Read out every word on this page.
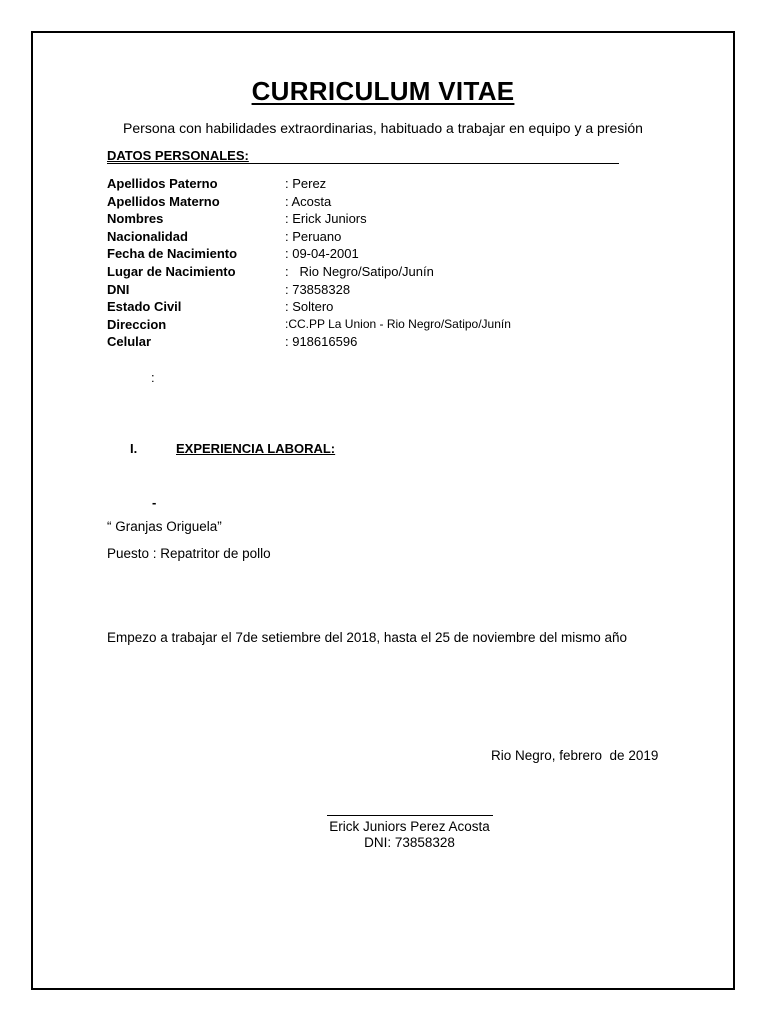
CURRICULUM VITAE
Persona con habilidades extraordinarias, habituado a trabajar en equipo y a presión
DATOS PERSONALES:
Apellidos Paterno	: Perez
Apellidos Materno	: Acosta
Nombres	: Erick Juniors
Nacionalidad	: Peruano
Fecha de Nacimiento	: 09-04-2001
Lugar de Nacimiento	:   Rio Negro/Satipo/Junín
DNI	: 73858328
Estado Civil	: Soltero
Direccion	:CC.PP La Union - Rio Negro/Satipo/Junín
Celular	: 918616596
:
I.	EXPERIENCIA LABORAL:
-
“ Granjas Origuela”
Puesto : Repatritor de pollo
Empezo a trabajar el 7de setiembre del 2018, hasta el 25 de noviembre del mismo año
Rio Negro, febrero  de 2019
Erick Juniors Perez Acosta
DNI: 73858328
